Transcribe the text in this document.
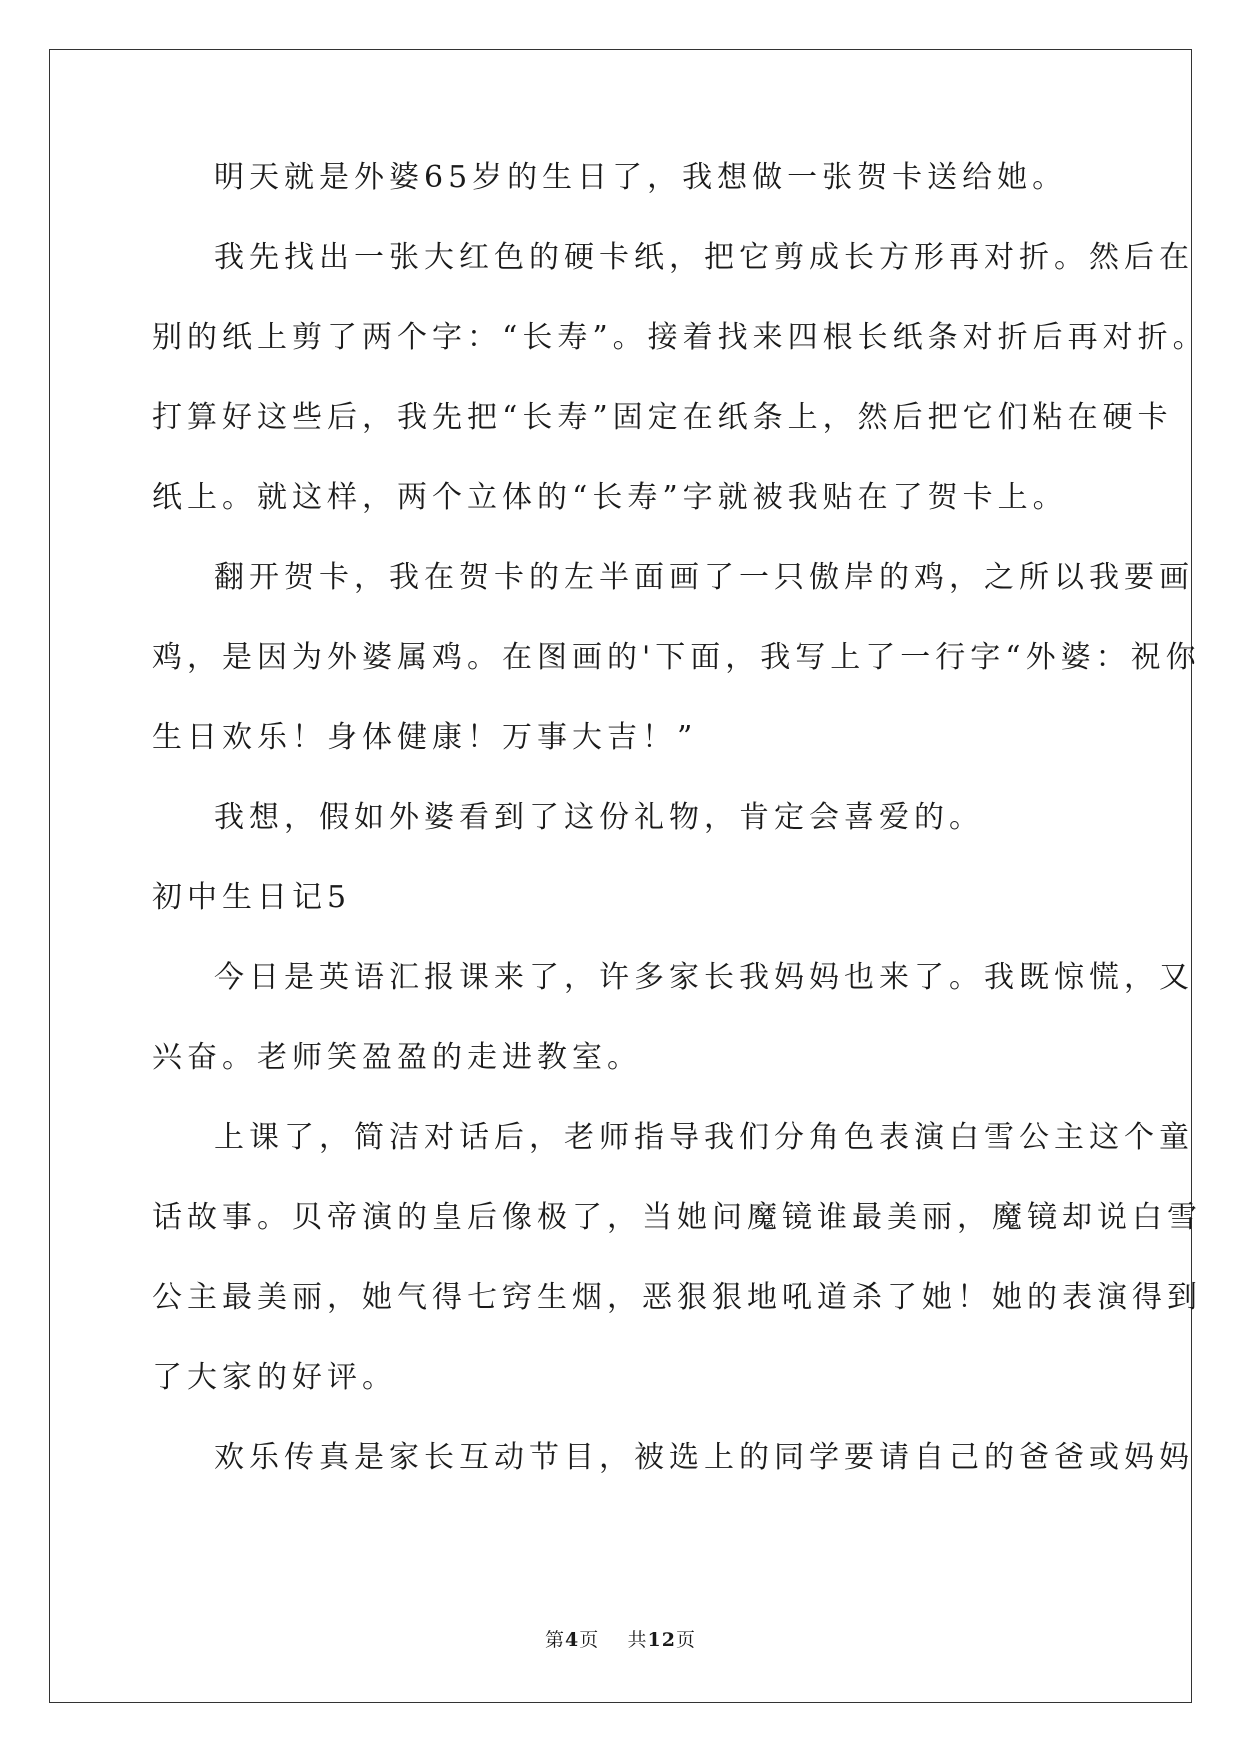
明天就是外婆65岁的生日了，我想做一张贺卡送给她。
我先找出一张大红色的硬卡纸，把它剪成长方形再对折。然后在
别的纸上剪了两个字：“长寿”。接着找来四根长纸条对折后再对折。
打算好这些后，我先把“长寿”固定在纸条上，然后把它们粘在硬卡
纸上。就这样，两个立体的“长寿”字就被我贴在了贺卡上。
翻开贺卡，我在贺卡的左半面画了一只傲岸的鸡，之所以我要画
鸡，是因为外婆属鸡。在图画的'下面，我写上了一行字“外婆：祝你
生日欢乐！身体健康！万事大吉！”
我想，假如外婆看到了这份礼物，肯定会喜爱的。
初中生日记5
今日是英语汇报课来了，许多家长我妈妈也来了。我既惊慌，又
兴奋。老师笑盈盈的走进教室。
上课了，简洁对话后，老师指导我们分角色表演白雪公主这个童
话故事。贝帝演的皇后像极了，当她问魔镜谁最美丽，魔镜却说白雪
公主最美丽，她气得七窍生烟，恶狠狠地吼道杀了她！她的表演得到
了大家的好评。
欢乐传真是家长互动节目，被选上的同学要请自己的爸爸或妈妈
第4页 共12页
